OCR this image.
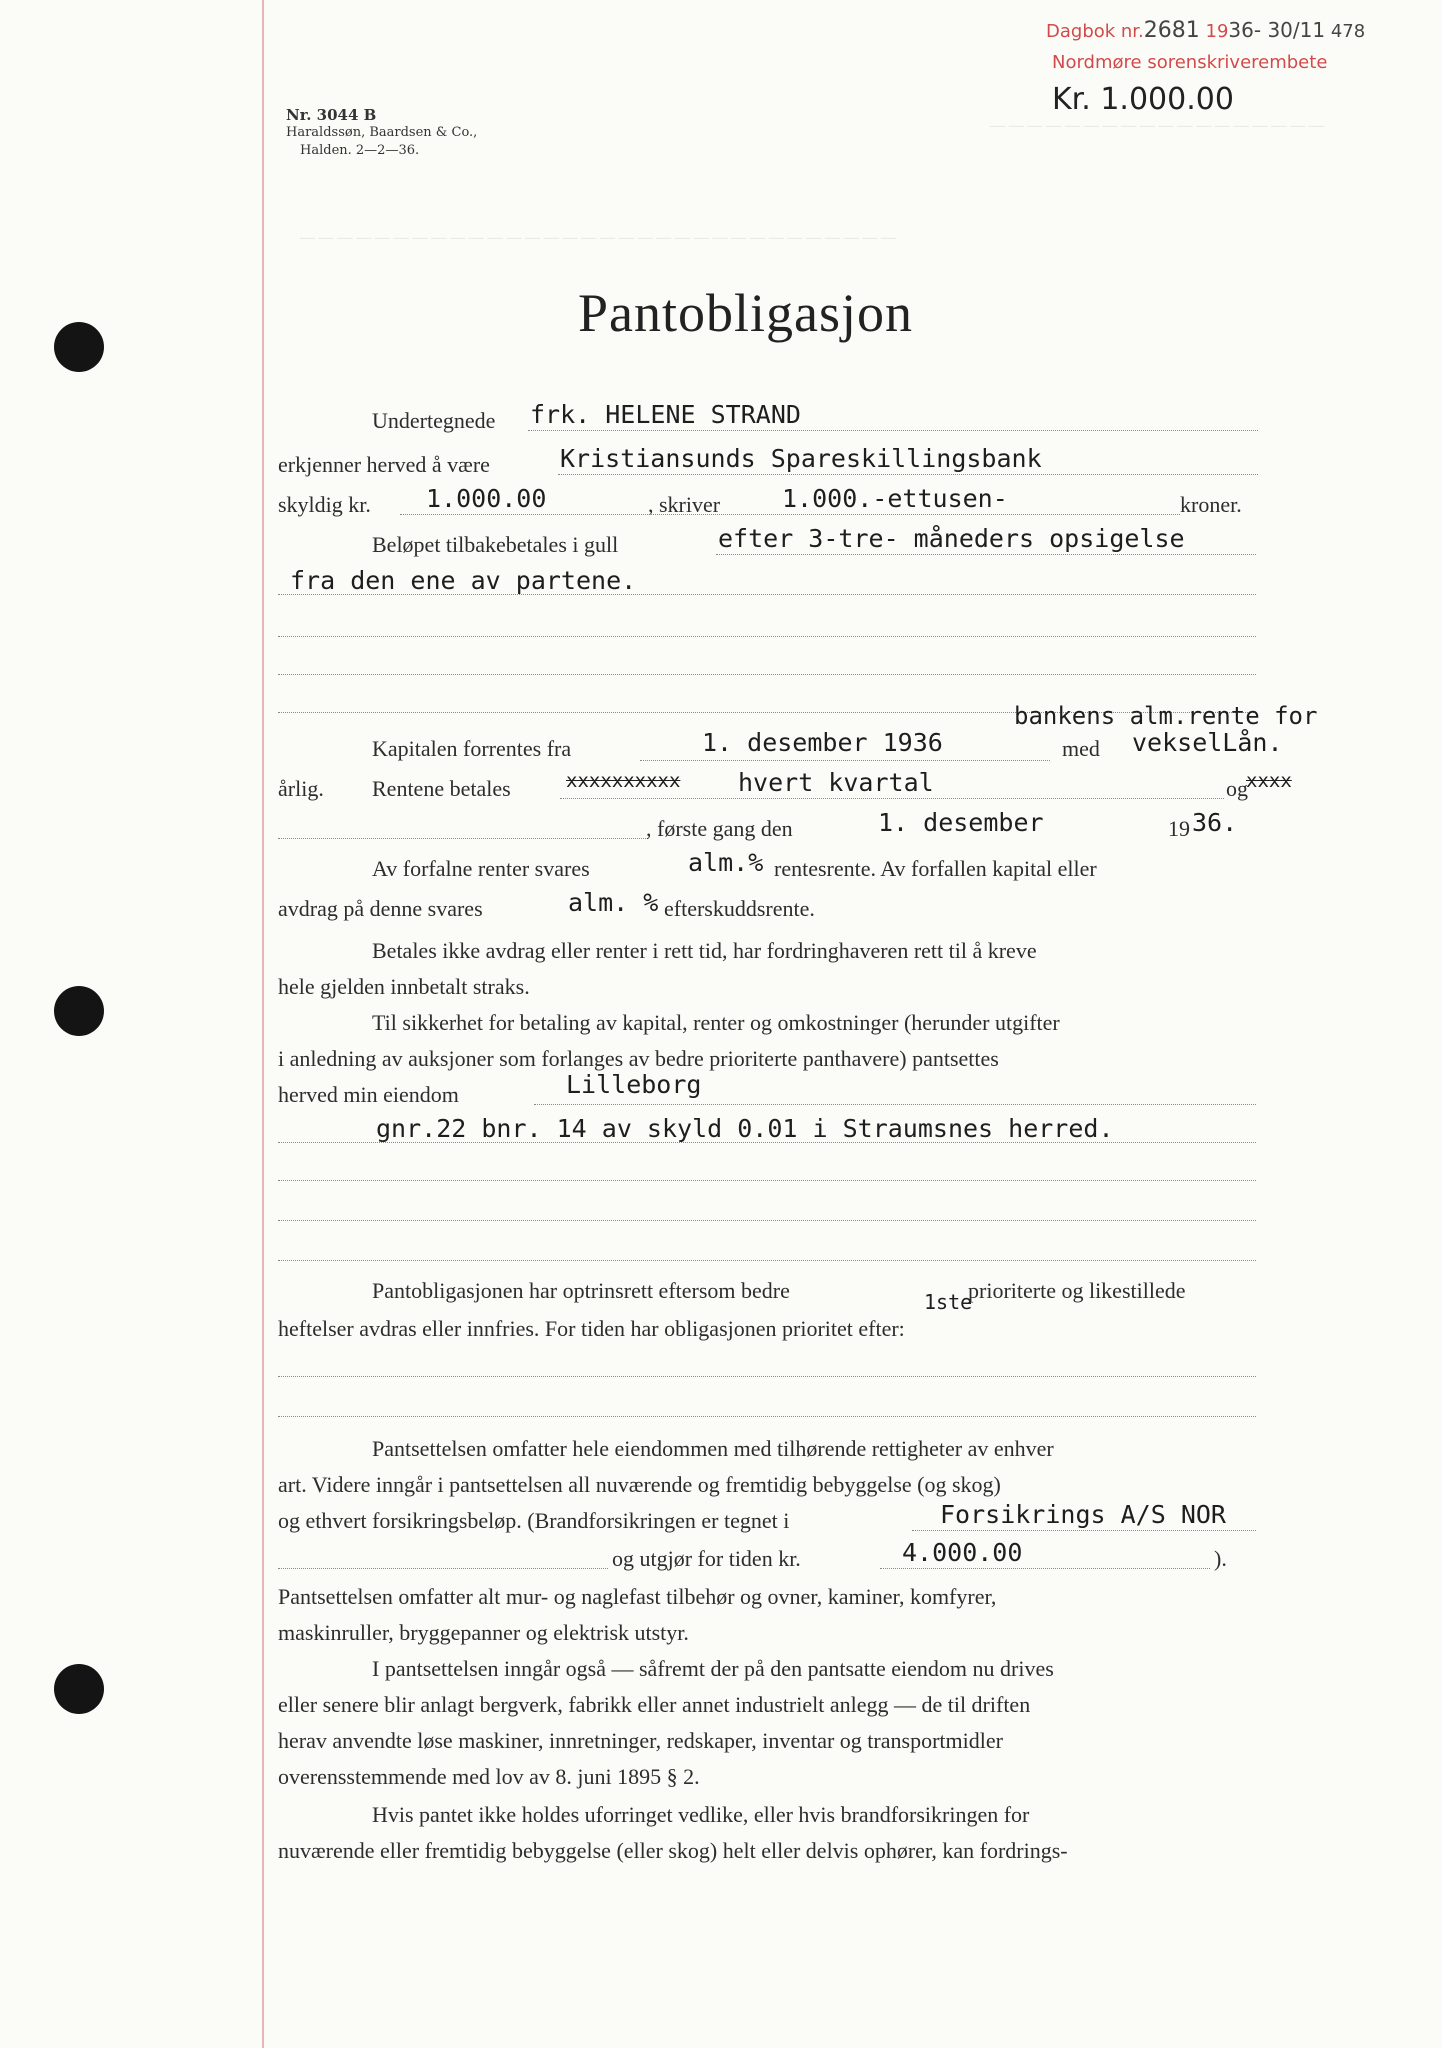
— — — — — — — — — — — — — — — — — —
— — — — — — — — — — — — — — — — — — — — — — — — — — — — — — — —
Dagbok nr.2681 1936- 30/11 478
Nordmøre sorenskriverembete
Kr. 1.000.00
Nr. 3044 B
Haraldssøn, Baardsen & Co.,
Halden. 2—2—36.
Pantobligasjon
Undertegnede frk. HELENE STRAND
erkjenner herved å være	Kristiansunds Spareskillingsbank
skyldig kr. 1.000.00	, skriver 1.000.-ettusen-	kroner.
Beløpet tilbakebetales i gull	efter 3-tre- måneders opsigelse
fra den ene av partene.
bankens alm.rente for
Kapitalen forrentes fra	1. desember 1936	med vekselLån.
årlig. Rentene betales	xxxxxxxxxx hvert kvartal	og
xxxx
, første gang den	1. desember	19 36.
Av forfalne renter svares	alm.% rentesrente. Av forfallen kapital eller
avdrag på denne svares	alm. % efterskuddsrente.
Betales ikke avdrag eller renter i rett tid, har fordringhaveren rett til å kreve
hele gjelden innbetalt straks.
Til sikkerhet for betaling av kapital, renter og omkostninger (herunder utgifter
i anledning av auksjoner som forlanges av bedre prioriterte panthavere) pantsettes
herved min eiendom	Lilleborg
gnr.22 bnr. 14 av skyld 0.01 i Straumsnes herred.
Pantobligasjonen har optrinsrett eftersom bedre	1ste
prioriterte og likestillede
heftelser avdras eller innfries. For tiden har obligasjonen prioritet efter:
Pantsettelsen omfatter hele eiendommen med tilhørende rettigheter av enhver
art. Videre inngår i pantsettelsen all nuværende og fremtidig bebyggelse (og skog)
og ethvert forsikringsbeløp. (Brandforsikringen er tegnet i	Forsikrings A/S NOR
og utgjør for tiden kr.	4.000.00	).
Pantsettelsen omfatter alt mur- og naglefast tilbehør og ovner, kaminer, komfyrer,
maskinruller, bryggepanner og elektrisk utstyr.
I pantsettelsen inngår også — såfremt der på den pantsatte eiendom nu drives
eller senere blir anlagt bergverk, fabrikk eller annet industrielt anlegg — de til driften
herav anvendte løse maskiner, innretninger, redskaper, inventar og transportmidler
overensstemmende med lov av 8. juni 1895 § 2.
Hvis pantet ikke holdes uforringet vedlike, eller hvis brandforsikringen for
nuværende eller fremtidig bebyggelse (eller skog) helt eller delvis ophører, kan fordrings-
